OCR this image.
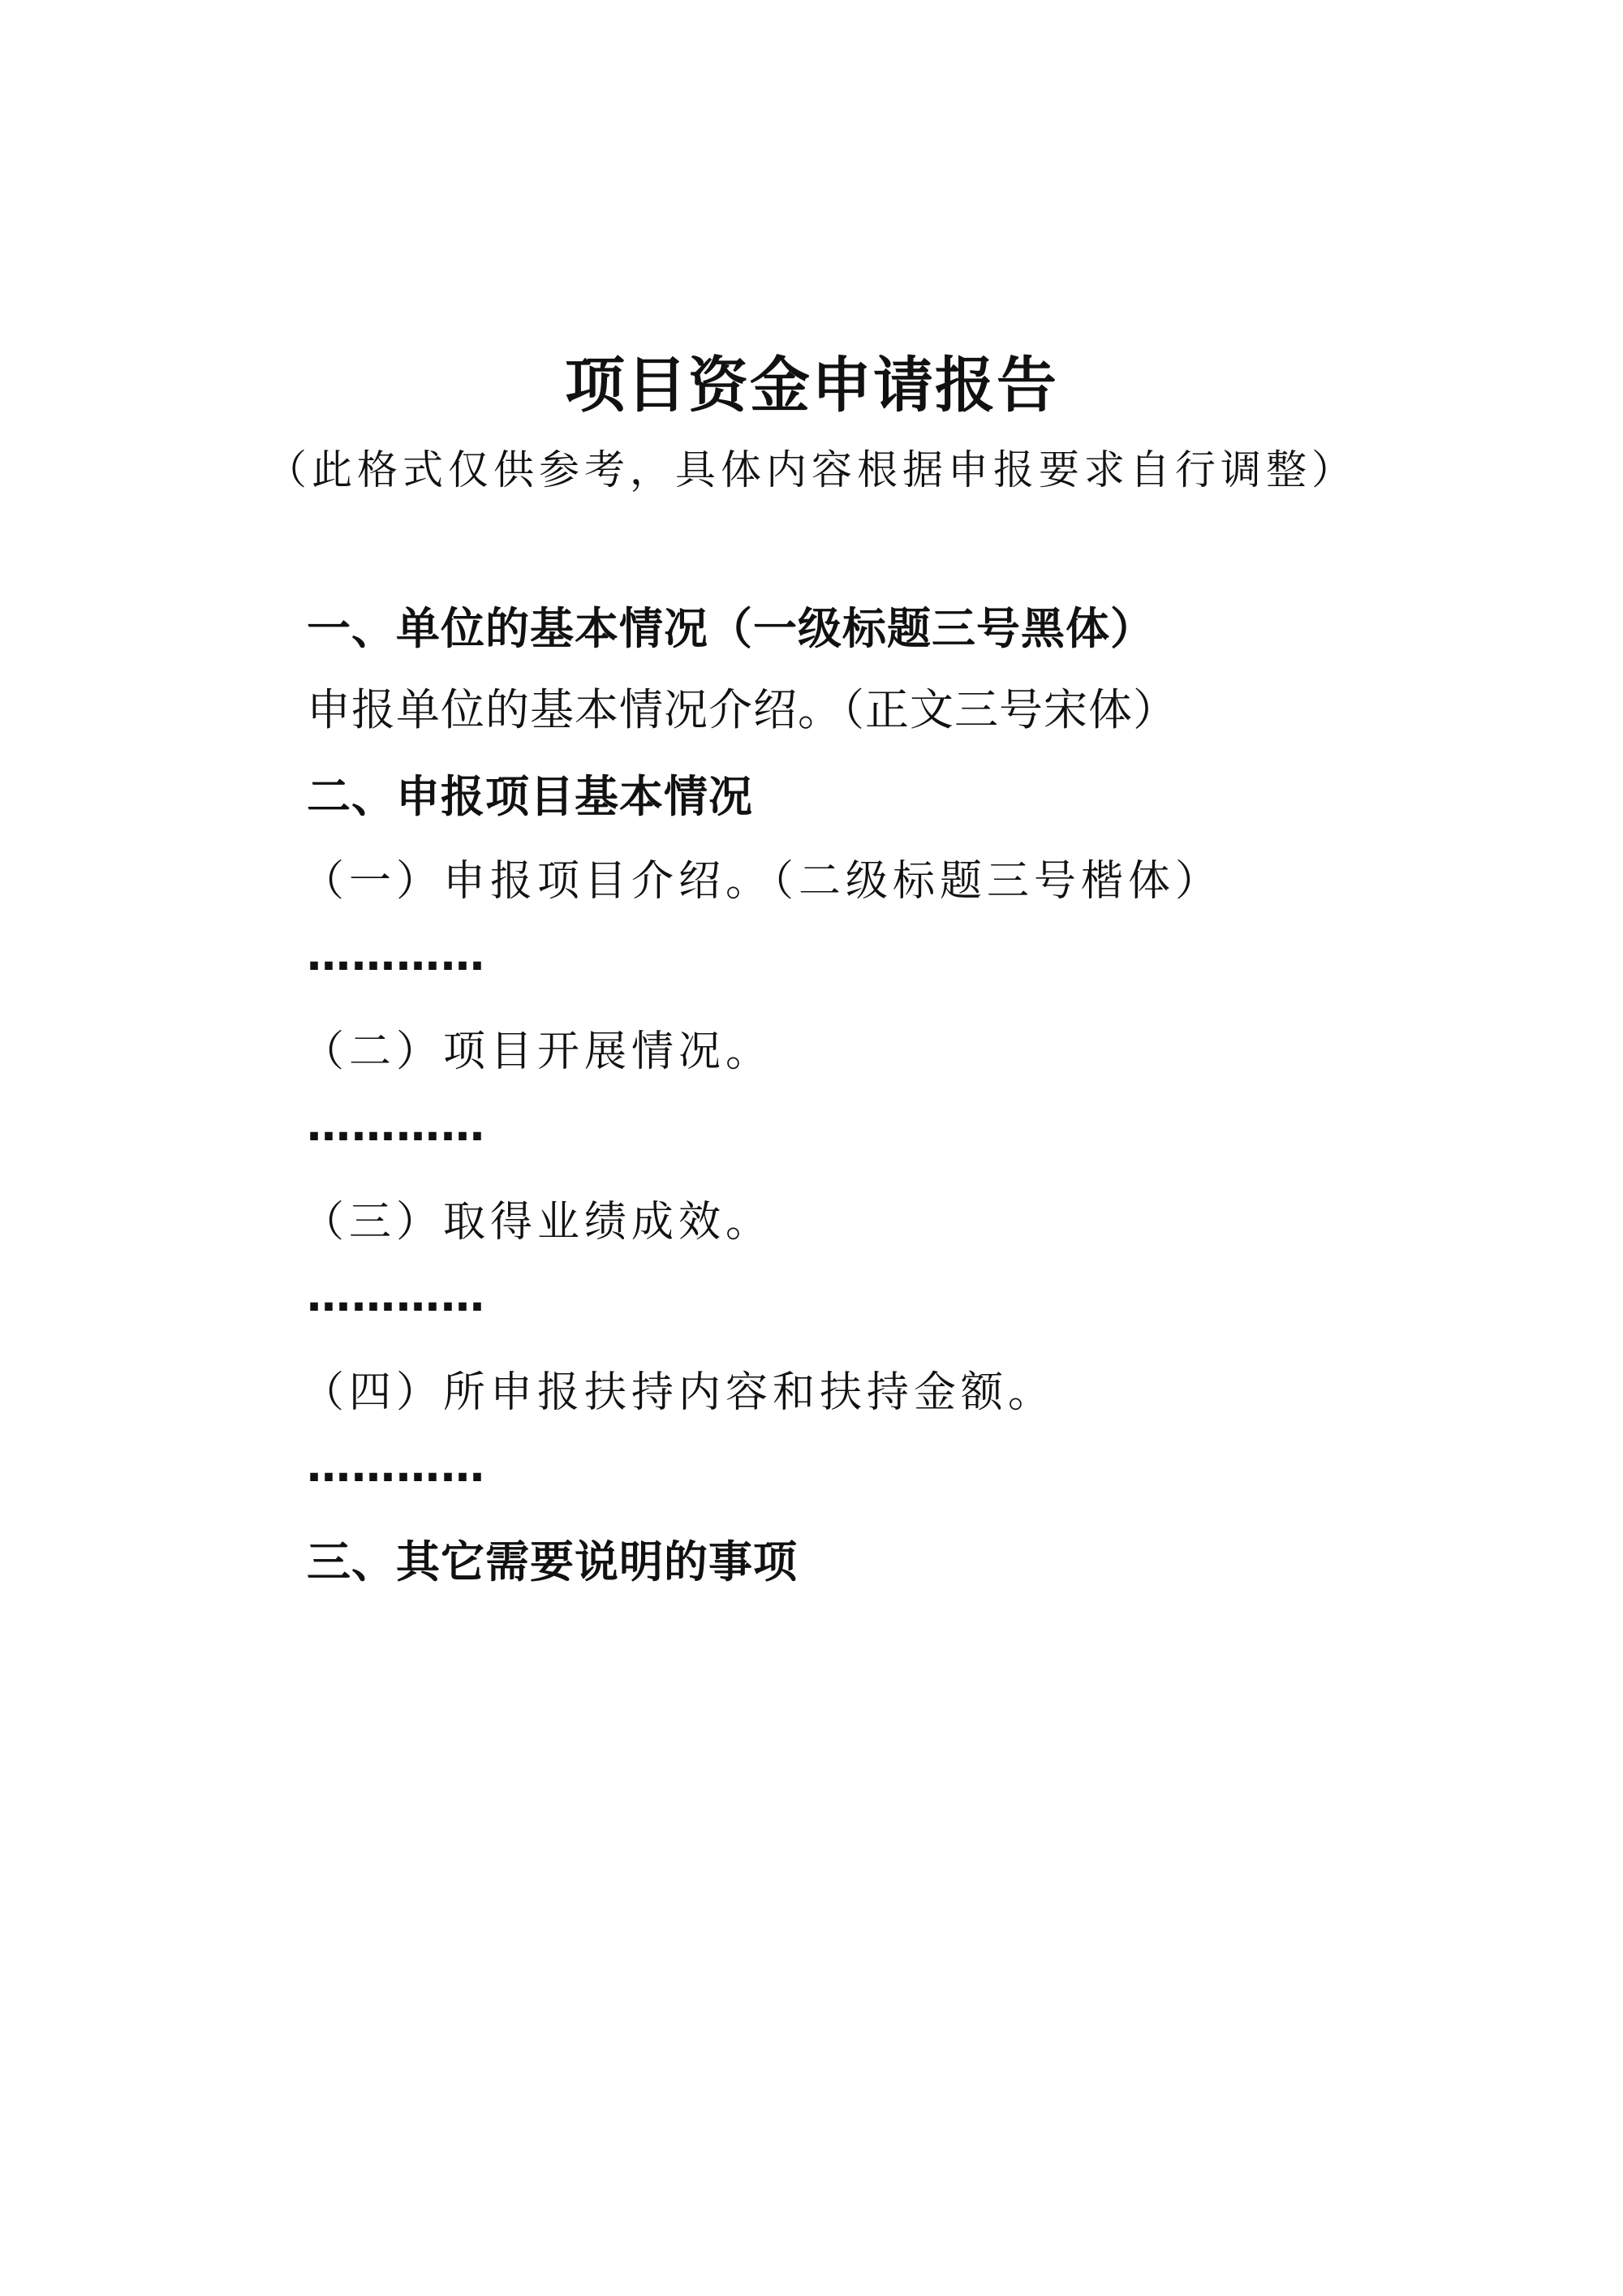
项目资金申请报告

（此格式仅供参考，具体内容根据申报要求自行调整）

一、单位的基本情况（一级标题三号黑体）

申报单位的基本情况介绍。（正文三号宋体）

二、申报项目基本情况

（一）申报项目介绍。（二级标题三号楷体）

…………

（二）项目开展情况。

…………

（三）取得业绩成效。

…………

（四）所申报扶持内容和扶持金额。

…………

三、其它需要说明的事项
